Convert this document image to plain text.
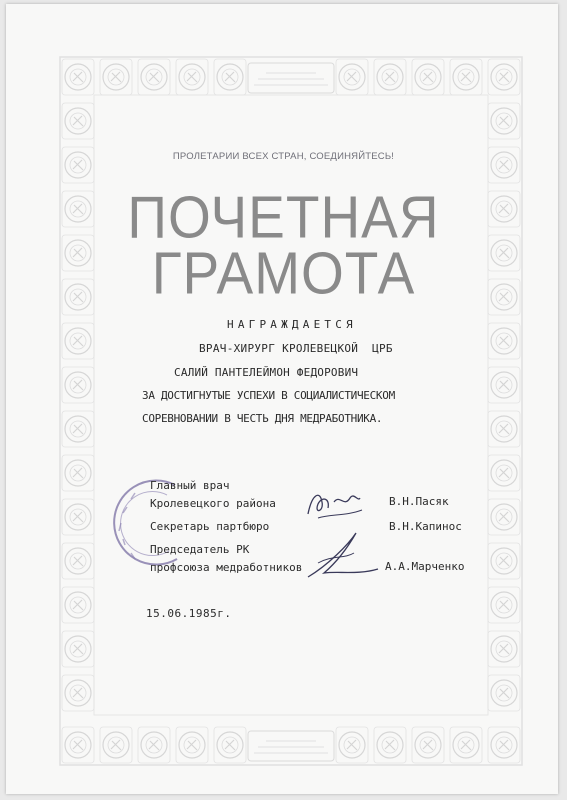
ПРОЛЕТАРИИ ВСЕХ СТРАН, СОЕДИНЯЙТЕСЬ!
ПОЧЕТНАЯ
ГРАМОТА
НАГРАЖДАЕТСЯ
ВРАЧ-ХИРУРГ КРОЛЕВЕЦКОЙ  ЦРБ
САЛИЙ ПАНТЕЛЕЙМОН ФЕДОРОВИЧ
ЗА ДОСТИГНУТЫЕ УСПЕХИ В СОЦИАЛИСТИЧЕСКОМ
СОРЕВНОВАНИИ В ЧЕСТЬ ДНЯ МЕДРАБОТНИКА.
Главный врач
Кролевецкого района
Секретарь партбюро
Председатель РК
профсоюза медработников
В.Н.Пасяк
В.Н.Капинос
А.А.Марченко
15.06.1985г.
